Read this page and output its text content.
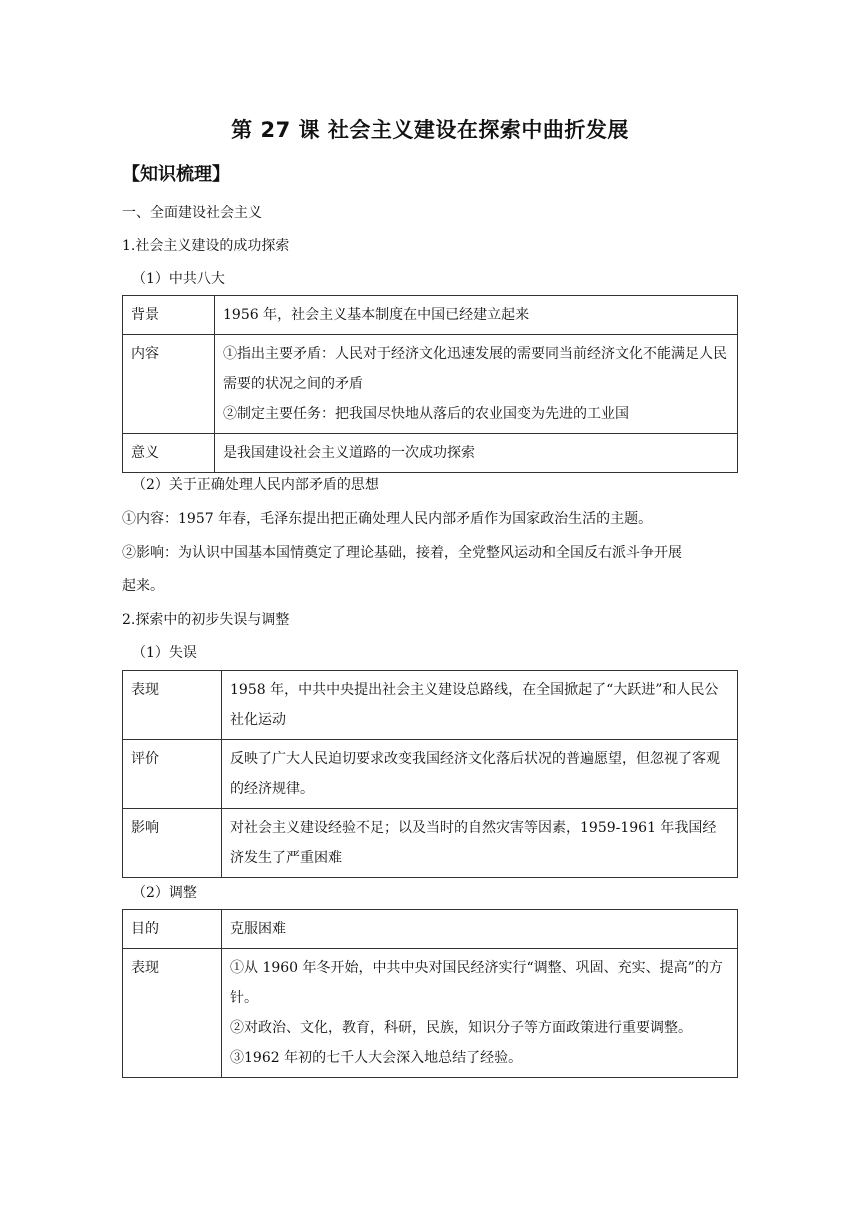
第 27 课 社会主义建设在探索中曲折发展
【知识梳理】
一、全面建设社会主义
1.社会主义建设的成功探索
（1）中共八大
背景	1956 年，社会主义基本制度在中国已经建立起来
内容	①指出主要矛盾：人民对于经济文化迅速发展的需要同当前经济文化不能满足人民需要的状况之间的矛盾

②制定主要任务：把我国尽快地从落后的农业国变为先进的工业国

意义	是我国建设社会主义道路的一次成功探索
（2）关于正确处理人民内部矛盾的思想
①内容：1957 年春，毛泽东提出把正确处理人民内部矛盾作为国家政治生活的主题。
②影响：为认识中国基本国情奠定了理论基础，接着，全党整风运动和全国反右派斗争开展
起来。
2.探索中的初步失误与调整
（1）失误
表现	1958 年，中共中央提出社会主义建设总路线，在全国掀起了“大跃进”和人民公社化运动
评价	反映了广大人民迫切要求改变我国经济文化落后状况的普遍愿望，但忽视了客观的经济规律。
影响	对社会主义建设经验不足；以及当时的自然灾害等因素，1959-1961 年我国经济发生了严重困难
（2）调整
目的	克服困难
表现	①从 1960 年冬开始，中共中央对国民经济实行“调整、巩固、充实、提高”的方针。

②对政治、文化，教育，科研，民族，知识分子等方面政策进行重要调整。

③1962 年初的七千人大会深入地总结了经验。
